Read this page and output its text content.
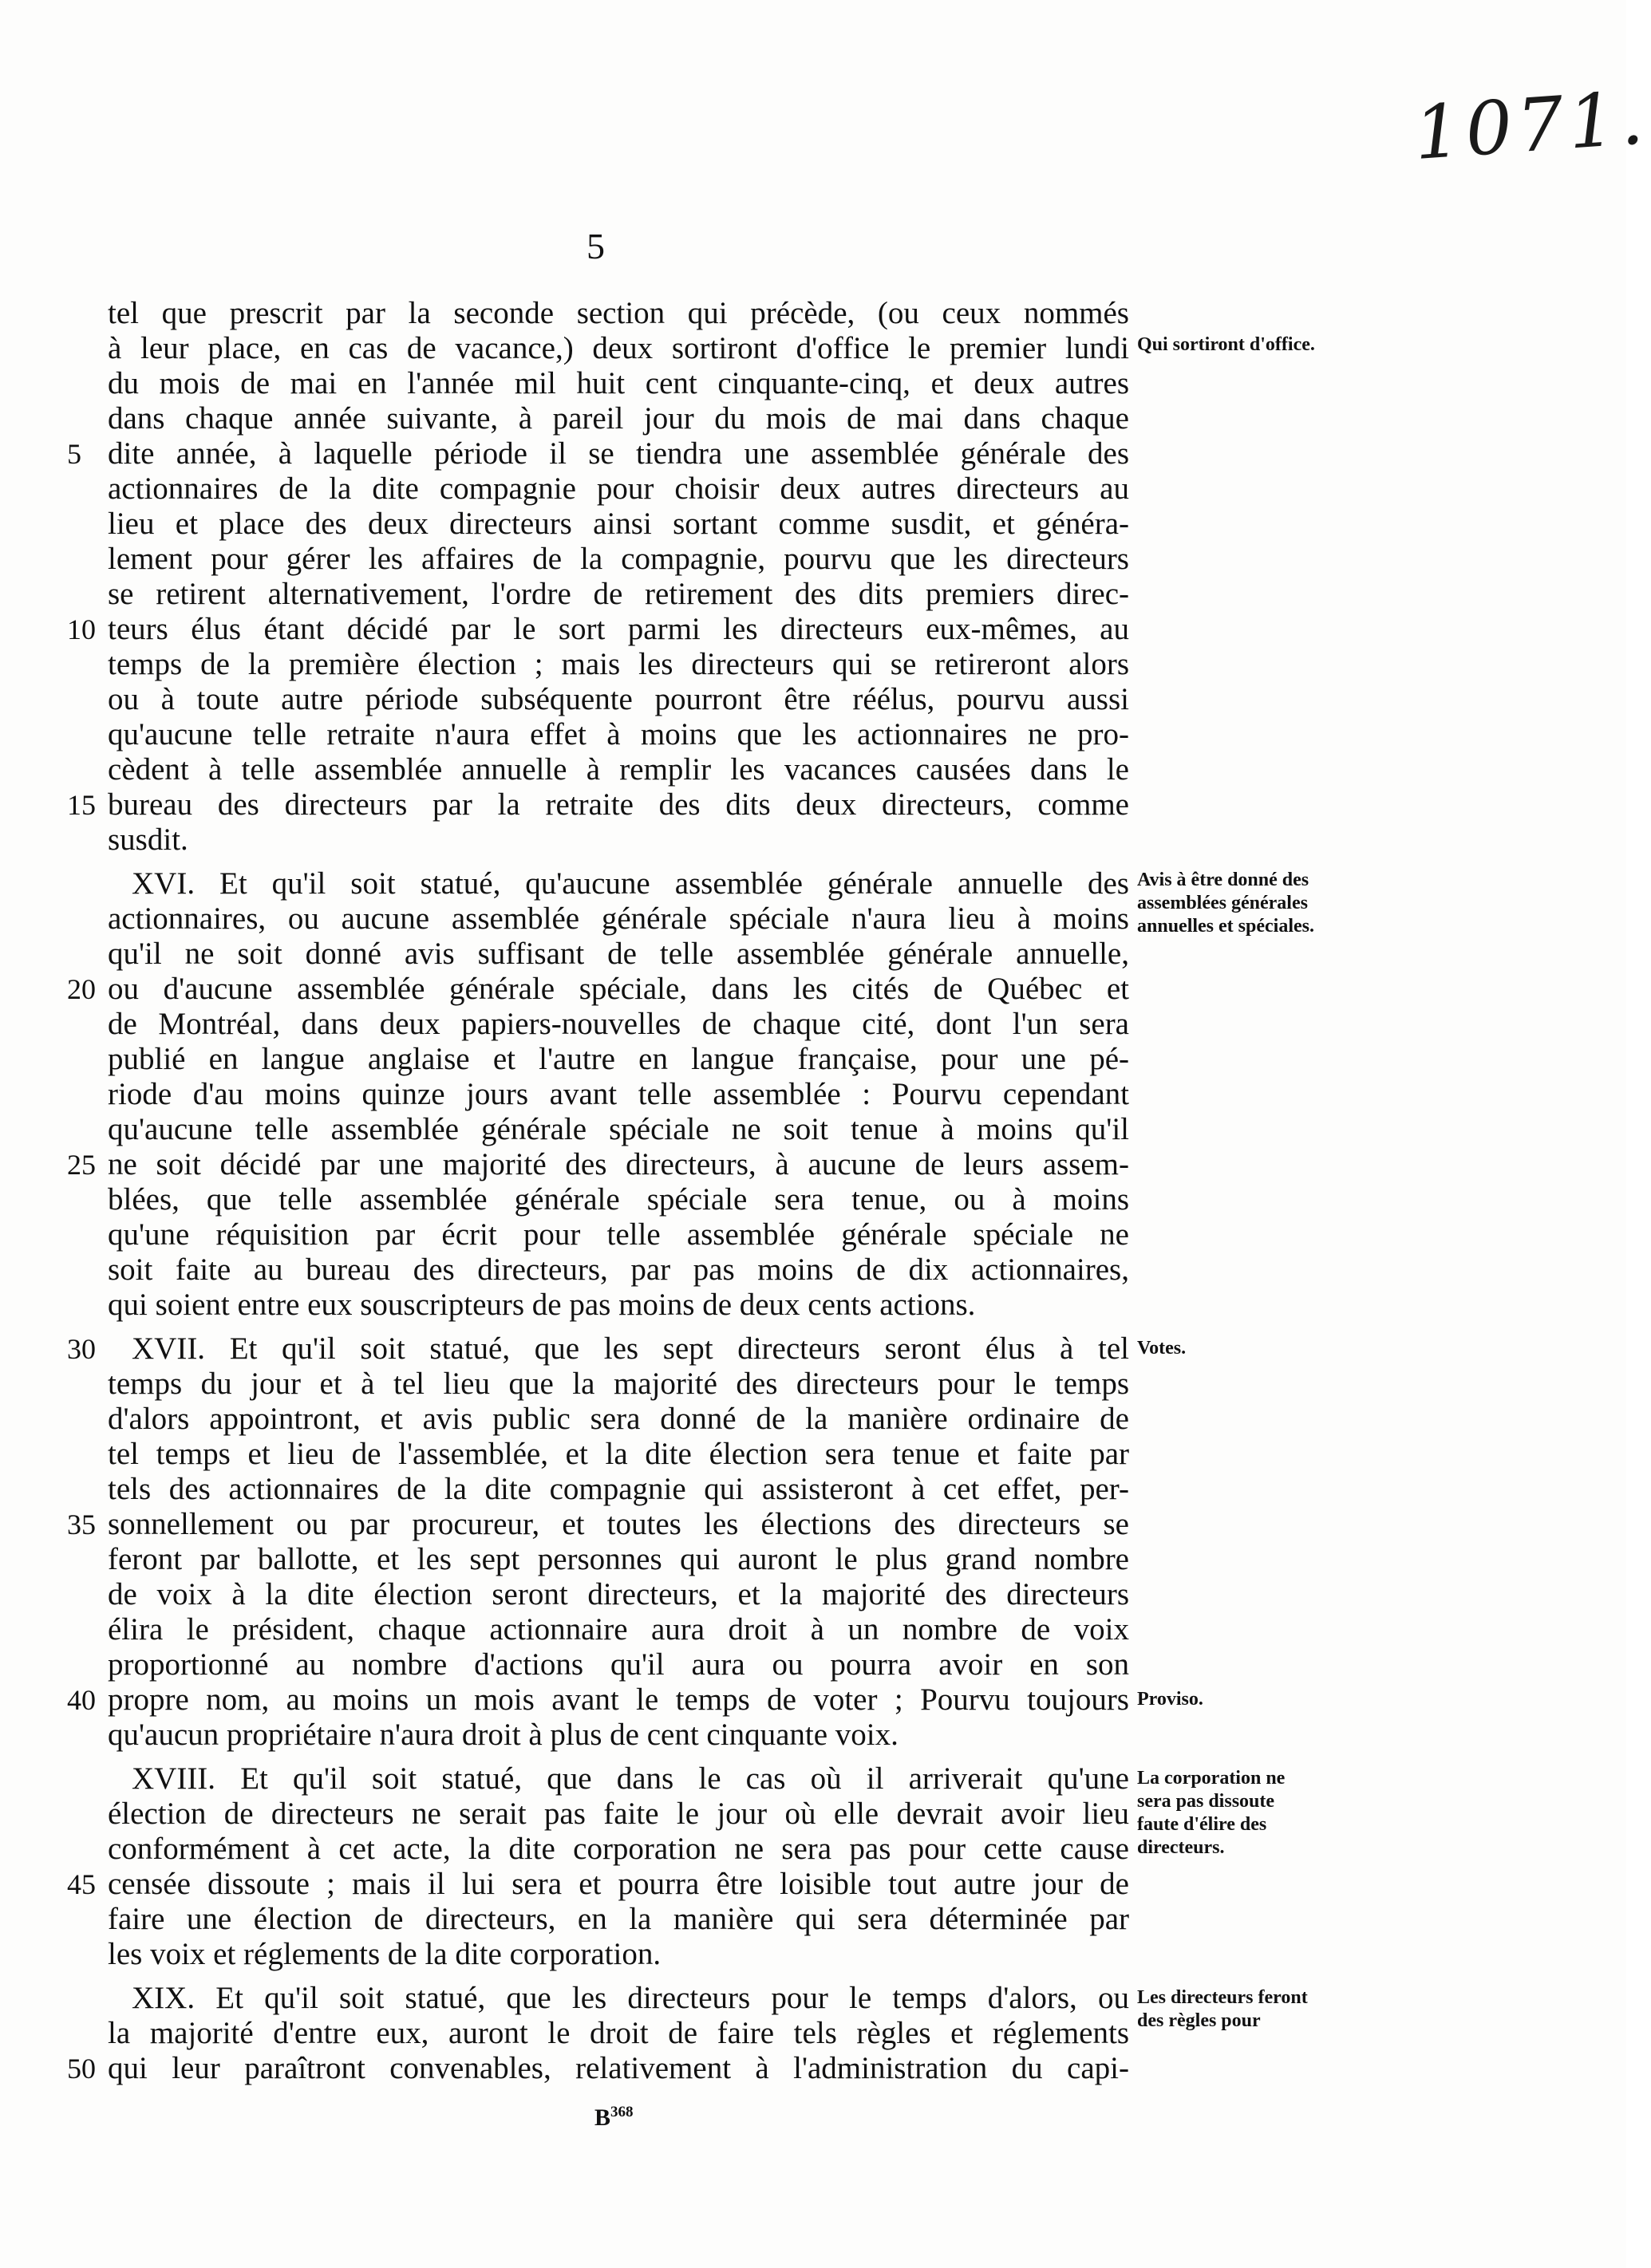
1071.
5
tel que prescrit par la seconde section qui précède, (ou ceux nommés
à leur place, en cas de vacance,) deux sortiront d'office le premier lundi
du mois de mai en l'année mil huit cent cinquante-cinq, et deux autres
dans chaque année suivante, à pareil jour du mois de mai dans chaque
dite année, à laquelle période il se tiendra une assemblée générale des
actionnaires de la dite compagnie pour choisir deux autres directeurs au
lieu et place des deux directeurs ainsi sortant comme susdit, et généra-
lement pour gérer les affaires de la compagnie, pourvu que les directeurs
se retirent alternativement, l'ordre de retirement des dits premiers direc-
teurs élus étant décidé par le sort parmi les directeurs eux-mêmes, au
temps de la première élection ; mais les directeurs qui se retireront alors
ou à toute autre période subséquente pourront être réélus, pourvu aussi
qu'aucune telle retraite n'aura effet à moins que les actionnaires ne pro-
cèdent à telle assemblée annuelle à remplir les vacances causées dans le
bureau des directeurs par la retraite des dits deux directeurs, comme
susdit.
XVI. Et qu'il soit statué, qu'aucune assemblée générale annuelle des
actionnaires, ou aucune assemblée générale spéciale n'aura lieu à moins
qu'il ne soit donné avis suffisant de telle assemblée générale annuelle,
ou d'aucune assemblée générale spéciale, dans les cités de Québec et
de Montréal, dans deux papiers-nouvelles de chaque cité, dont l'un sera
publié en langue anglaise et l'autre en langue française, pour une pé-
riode d'au moins quinze jours avant telle assemblée : Pourvu cependant
qu'aucune telle assemblée générale spéciale ne soit tenue à moins qu'il
ne soit décidé par une majorité des directeurs, à aucune de leurs assem-
blées, que telle assemblée générale spéciale sera tenue, ou à moins
qu'une réquisition par écrit pour telle assemblée générale spéciale ne
soit faite au bureau des directeurs, par pas moins de dix actionnaires,
qui soient entre eux souscripteurs de pas moins de deux cents actions.
XVII. Et qu'il soit statué, que les sept directeurs seront élus à tel
temps du jour et à tel lieu que la majorité des directeurs pour le temps
d'alors appointront, et avis public sera donné de la manière ordinaire de
tel temps et lieu de l'assemblée, et la dite élection sera tenue et faite par
tels des actionnaires de la dite compagnie qui assisteront à cet effet, per-
sonnellement ou par procureur, et toutes les élections des directeurs se
feront par ballotte, et les sept personnes qui auront le plus grand nombre
de voix à la dite élection seront directeurs, et la majorité des directeurs
élira le président, chaque actionnaire aura droit à un nombre de voix
proportionné au nombre d'actions qu'il aura ou pourra avoir en son
propre nom, au moins un mois avant le temps de voter ; Pourvu toujours
qu'aucun propriétaire n'aura droit à plus de cent cinquante voix.
XVIII. Et qu'il soit statué, que dans le cas où il arriverait qu'une
élection de directeurs ne serait pas faite le jour où elle devrait avoir lieu
conformément à cet acte, la dite corporation ne sera pas pour cette cause
censée dissoute ; mais il lui sera et pourra être loisible tout autre jour de
faire une élection de directeurs, en la manière qui sera déterminée par
les voix et réglements de la dite corporation.
XIX. Et qu'il soit statué, que les directeurs pour le temps d'alors, ou
la majorité d'entre eux, auront le droit de faire tels règles et réglements
qui leur paraîtront convenables, relativement à l'administration du capi-
5
10
15
20
25
30
35
40
45
50
Qui sortiront d'office.
Avis à être donné des assemblées générales annuelles et spéciales.
Votes.
Proviso.
La corporation ne sera pas dissoute faute d'élire des directeurs.
Les directeurs feront des règles pour
$B^{368}$
